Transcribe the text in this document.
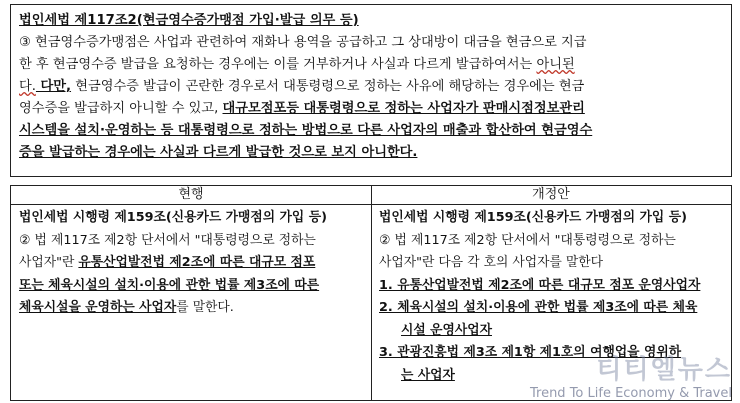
법인세법 제117조2(현금영수증가맹점 가입·발급 의무 등)
③ 현금영수증가맹점은 사업과 관련하여 재화나 용역을 공급하고 그 상대방이 대금을 현금으로 지급
한 후 현금영수증 발급을 요청하는 경우에는 이를 거부하거나 사실과 다르게 발급하여서는 아니된
다. 다만, 현금영수증 발급이 곤란한 경우로서 대통령령으로 정하는 사유에 해당하는 경우에는 현금
영수증을 발급하지 아니할 수 있고, 대규모점포등 대통령령으로 정하는 사업자가 판매시점정보관리
시스템을 설치·운영하는 등 대통령령으로 정하는 방법으로 다른 사업자의 매출과 합산하여 현금영수
증을 발급하는 경우에는 사실과 다르게 발급한 것으로 보지 아니한다.
현행
법인세법 시행령 제159조(신용카드 가맹점의 가입 등)
② 법 제117조 제2항 단서에서 "대통령령으로 정하는
사업자"란 유통산업발전법 제2조에 따른 대규모 점포
또는 체육시설의 설치·이용에 관한 법률 제3조에 따른
체육시설을 운영하는 사업자를 말한다.
개정안
법인세법 시행령 제159조(신용카드 가맹점의 가입 등)
② 법 제117조 제2항 단서에서 "대통령령으로 정하는
사업자"란 다음 각 호의 사업자를 말한다
1. 유통산업발전법 제2조에 따른 대규모 점포 운영사업자
2. 체육시설의 설치·이용에 관한 법률 제3조에 따른 체육
시설 운영사업자
3. 관광진흥법 제3조 제1항 제1호의 여행업을 영위하
는 사업자	티티엘뉴스
Trend To Life Economy & Travel
